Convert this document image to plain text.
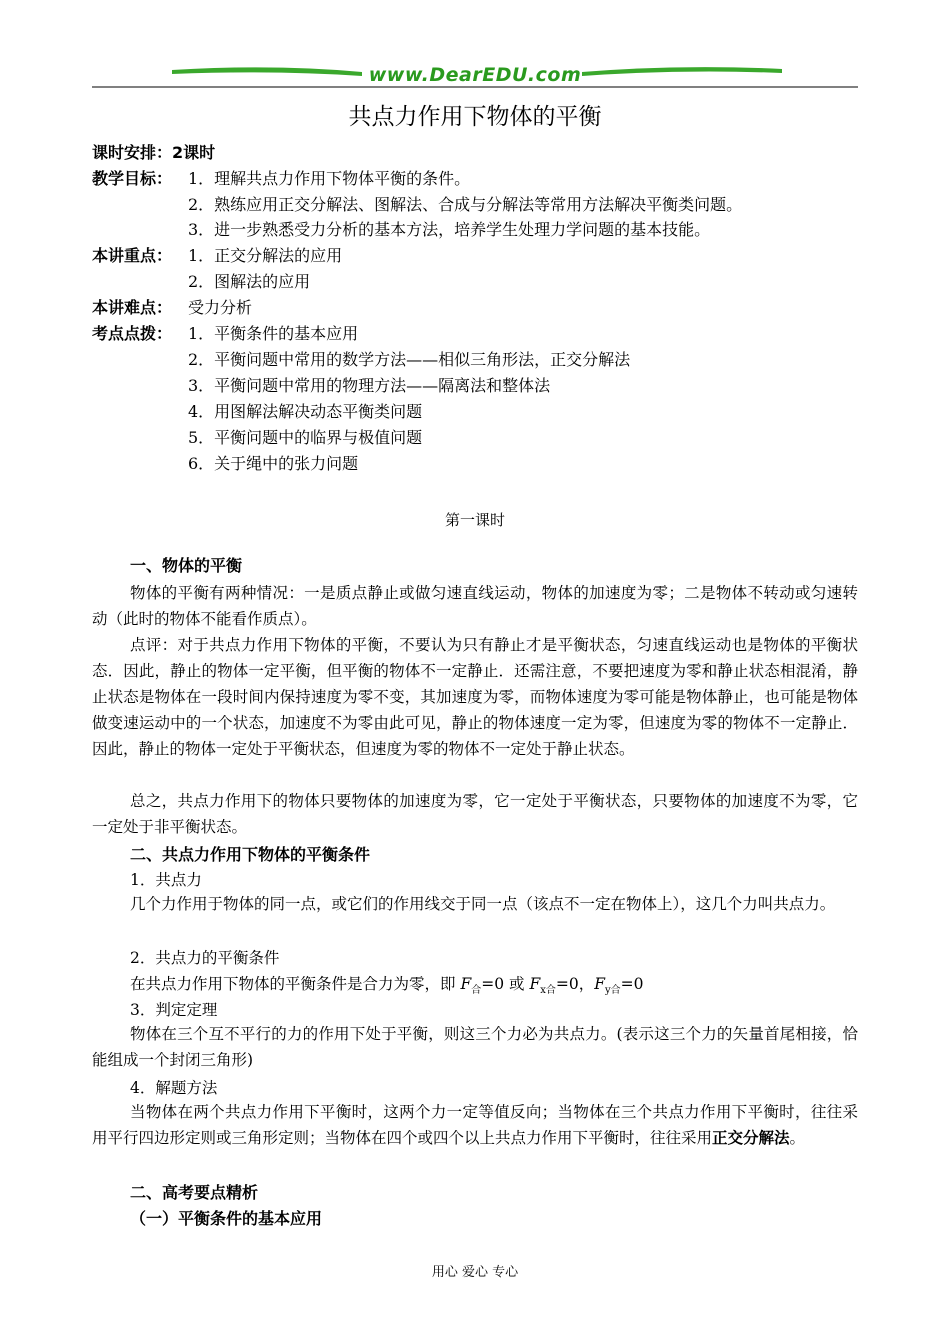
www.DearEDU.com
共点力作用下物体的平衡
课时安排：2课时
教学目标： 1．理解共点力作用下物体平衡的条件。
2．熟练应用正交分解法、图解法、合成与分解法等常用方法解决平衡类问题。
3．进一步熟悉受力分析的基本方法，培养学生处理力学问题的基本技能。
本讲重点： 1．正交分解法的应用
2．图解法的应用
本讲难点： 受力分析
考点点拨： 1．平衡条件的基本应用
2．平衡问题中常用的数学方法——相似三角形法，正交分解法
3．平衡问题中常用的物理方法——隔离法和整体法
4．用图解法解决动态平衡类问题
5．平衡问题中的临界与极值问题
6．关于绳中的张力问题
第一课时
一、物体的平衡
物体的平衡有两种情况：一是质点静止或做匀速直线运动，物体的加速度为零；二是物体不转动或匀速转动（此时的物体不能看作质点）。
点评：对于共点力作用下物体的平衡，不要认为只有静止才是平衡状态，匀速直线运动也是物体的平衡状态．因此，静止的物体一定平衡，但平衡的物体不一定静止．还需注意，不要把速度为零和静止状态相混淆，静止状态是物体在一段时间内保持速度为零不变，其加速度为零，而物体速度为零可能是物体静止，也可能是物体做变速运动中的一个状态，加速度不为零由此可见，静止的物体速度一定为零，但速度为零的物体不一定静止．因此，静止的物体一定处于平衡状态，但速度为零的物体不一定处于静止状态。
总之，共点力作用下的物体只要物体的加速度为零，它一定处于平衡状态，只要物体的加速度不为零，它一定处于非平衡状态。
二、共点力作用下物体的平衡条件
1．共点力
几个力作用于物体的同一点，或它们的作用线交于同一点（该点不一定在物体上），这几个力叫共点力。
2．共点力的平衡条件
在共点力作用下物体的平衡条件是合力为零，即 $F_合=0$ 或 $F_{x合}=0$，$F_{y合}=0$
3．判定定理
物体在三个互不平行的力的作用下处于平衡，则这三个力必为共点力。(表示这三个力的矢量首尾相接，恰能组成一个封闭三角形)
4．解题方法
当物体在两个共点力作用下平衡时，这两个力一定等值反向；当物体在三个共点力作用下平衡时，往往采用平行四边形定则或三角形定则；当物体在四个或四个以上共点力作用下平衡时，往往采用正交分解法。
二、高考要点精析
（一）平衡条件的基本应用
用心 爱心 专心
